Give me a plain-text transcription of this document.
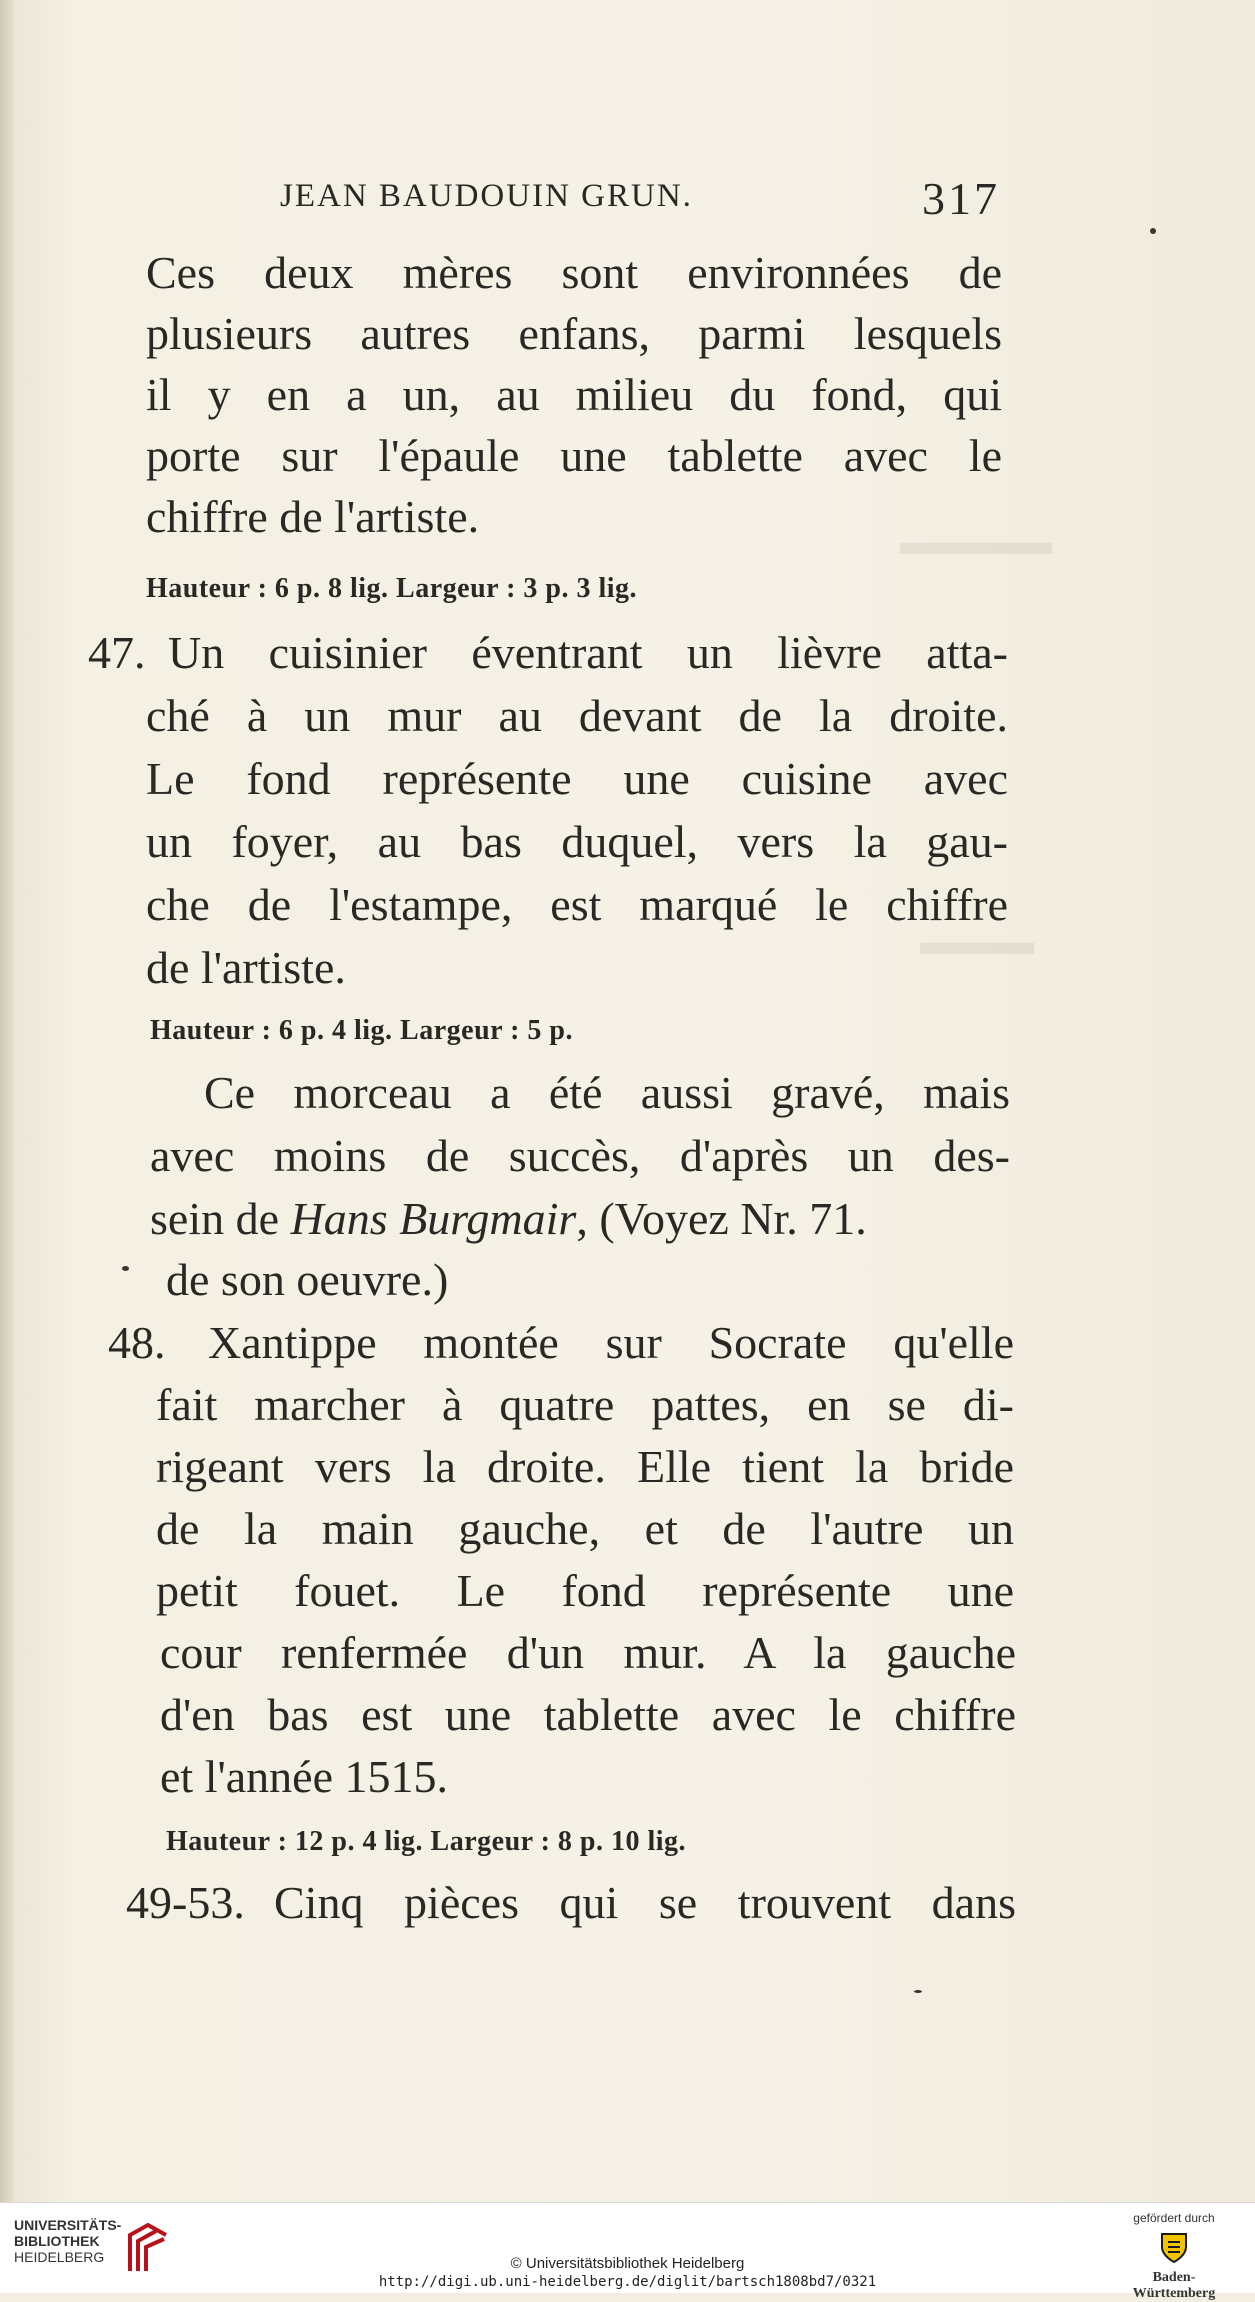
▬▬▬▬
▬▬▬
JEAN BAUDOUIN GRUN.	317
Ces deux mères sont environnées de
plusieurs autres enfans, parmi lesquels
il y en a un, au milieu du fond, qui
porte sur l'épaule une tablette avec le
chiffre de l'artiste.
Hauteur : 6 p. 8 lig. Largeur : 3 p. 3 lig.
47. Un cuisinier éventrant un lièvre atta-
ché à un mur au devant de la droite.
Le fond représente une cuisine avec
un foyer, au bas duquel, vers la gau-
che de l'estampe, est marqué le chiffre
de l'artiste.
Hauteur : 6 p. 4 lig. Largeur : 5 p.
Ce morceau a été aussi gravé, mais
avec moins de succès, d'après un des-
sein de Hans Burgmair, (Voyez Nr. 71.
de son oeuvre.)
48. Xantippe montée sur Socrate qu'elle
fait marcher à quatre pattes, en se di-
rigeant vers la droite. Elle tient la bride
de la main gauche, et de l'autre un
petit fouet. Le fond représente une
cour renfermée d'un mur. A la gauche
d'en bas est une tablette avec le chiffre
et l'année 1515.
Hauteur : 12 p. 4 lig. Largeur : 8 p. 10 lig.
49-53. Cinq pièces qui se trouvent dans
UNIVERSITÄTS-
BIBLIOTHEK
HEIDELBERG	© Universitätsbibliothek Heidelberg
http://digi.ub.uni-heidelberg.de/diglit/bartsch1808bd7/0321
gefördert durch
Baden-Württemberg
